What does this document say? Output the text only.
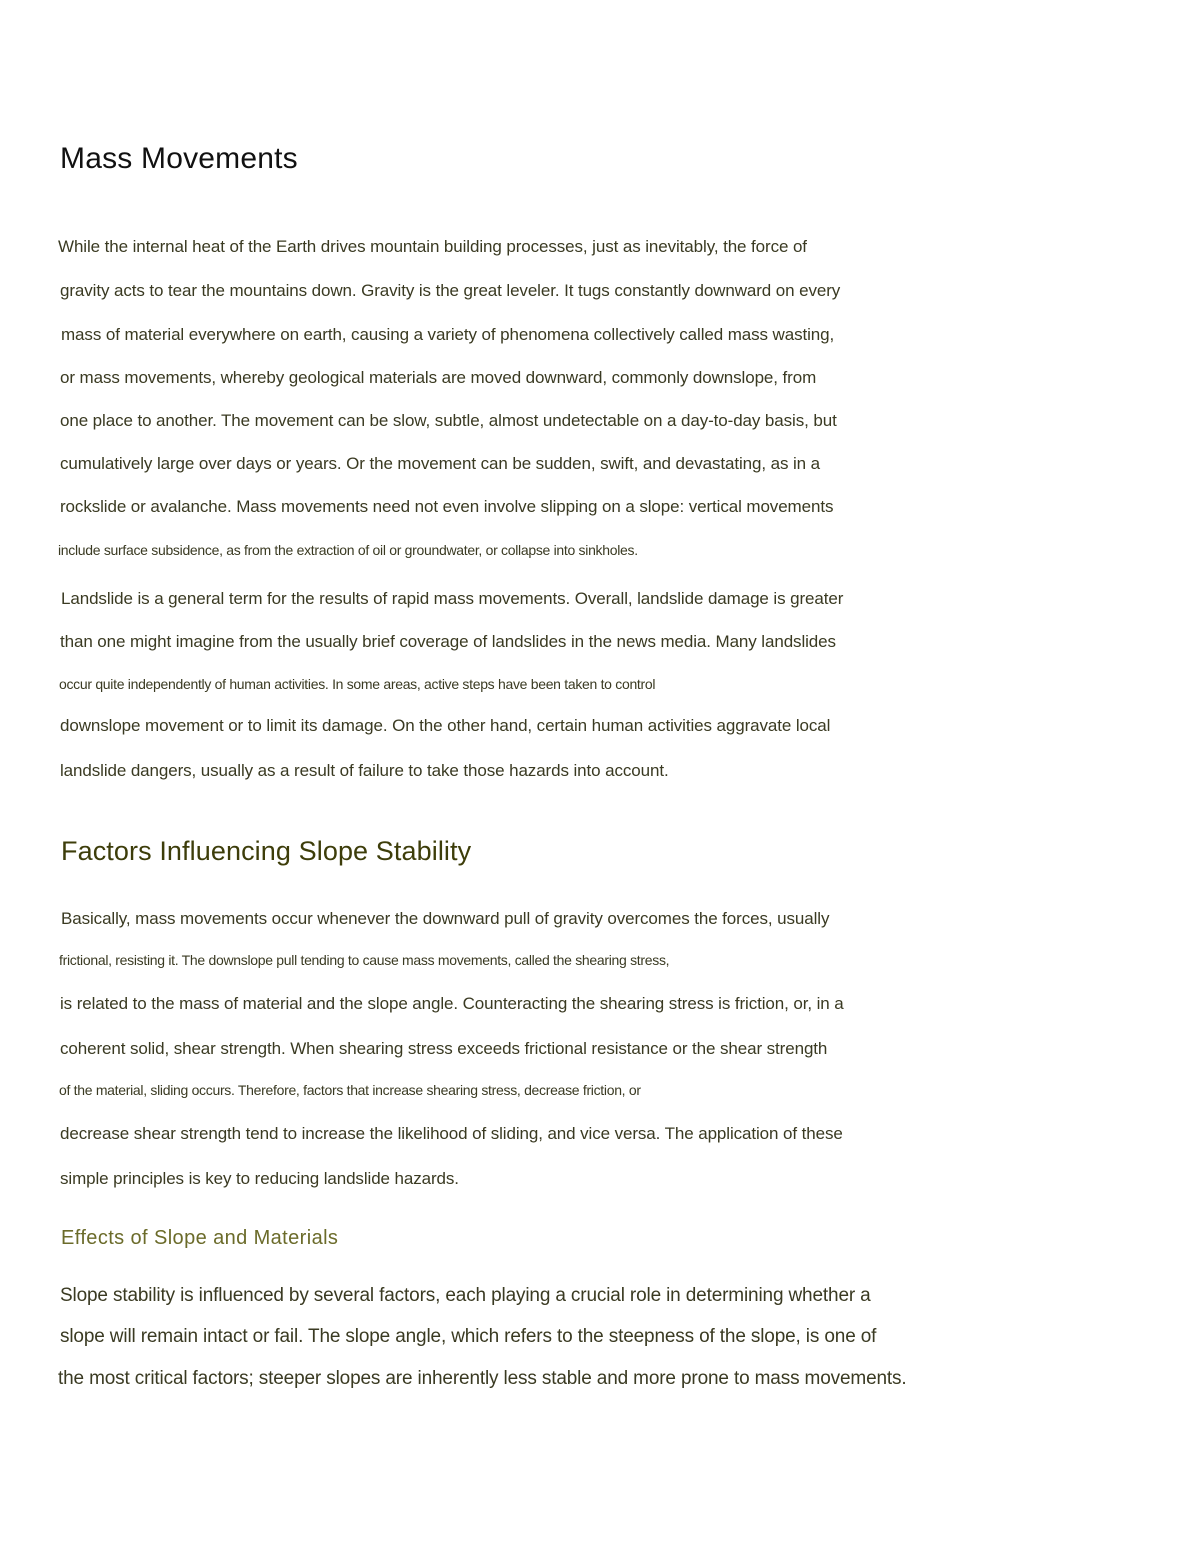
Mass Movements
While the internal heat of the Earth drives mountain building processes, just as inevitably, the force of
gravity acts to tear the mountains down. Gravity is the great leveler. It tugs constantly downward on every
mass of material everywhere on earth, causing a variety of phenomena collectively called mass wasting,
or mass movements, whereby geological materials are moved downward, commonly downslope, from
one place to another. The movement can be slow, subtle, almost undetectable on a day-to-day basis, but
cumulatively large over days or years. Or the movement can be sudden, swift, and devastating, as in a
rockslide or avalanche. Mass movements need not even involve slipping on a slope: vertical movements
include surface subsidence, as from the extraction of oil or groundwater, or collapse into sinkholes.
Landslide is a general term for the results of rapid mass movements. Overall, landslide damage is greater
than one might imagine from the usually brief coverage of landslides in the news media. Many landslides
occur quite independently of human activities. In some areas, active steps have been taken to control
downslope movement or to limit its damage. On the other hand, certain human activities aggravate local
landslide dangers, usually as a result of failure to take those hazards into account.
Factors Influencing Slope Stability
Basically, mass movements occur whenever the downward pull of gravity overcomes the forces, usually
frictional, resisting it. The downslope pull tending to cause mass movements, called the shearing stress,
is related to the mass of material and the slope angle. Counteracting the shearing stress is friction, or, in a
coherent solid, shear strength. When shearing stress exceeds frictional resistance or the shear strength
of the material, sliding occurs. Therefore, factors that increase shearing stress, decrease friction, or
decrease shear strength tend to increase the likelihood of sliding, and vice versa. The application of these
simple principles is key to reducing landslide hazards.
Effects of Slope and Materials
Slope stability is influenced by several factors, each playing a crucial role in determining whether a
slope will remain intact or fail. The slope angle, which refers to the steepness of the slope, is one of
the most critical factors; steeper slopes are inherently less stable and more prone to mass movements.
